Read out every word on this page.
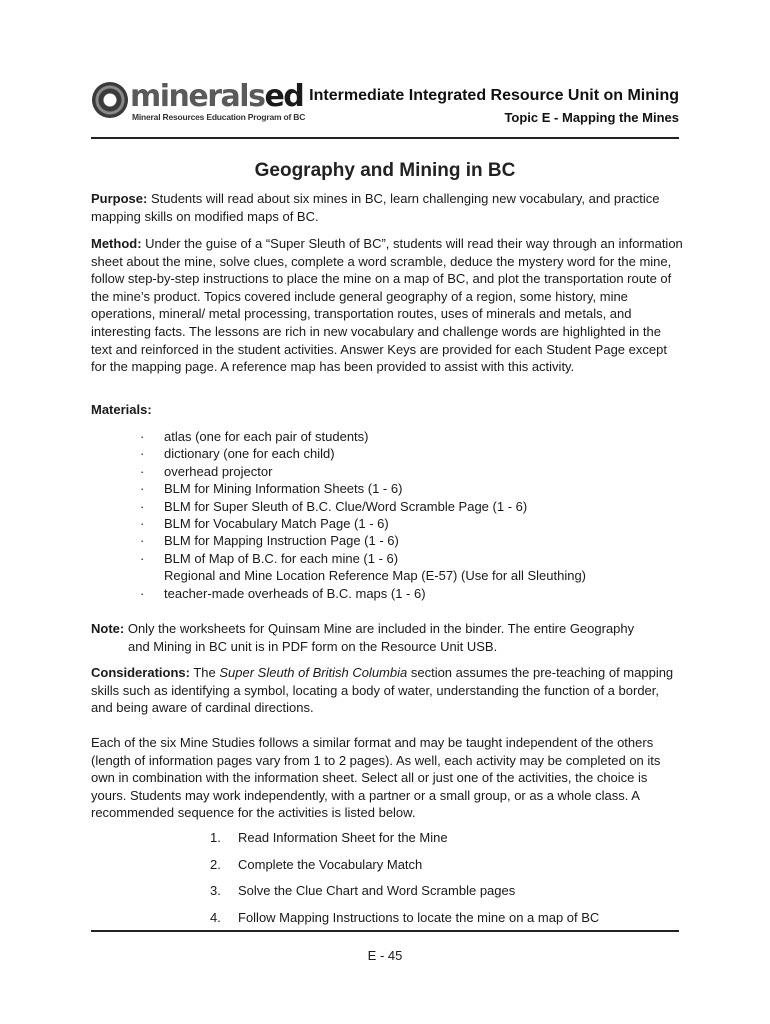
mineralsed
Mineral Resources Education Program of BC
Intermediate Integrated Resource Unit on Mining
Topic E - Mapping the Mines
Geography and Mining in BC
Purpose: Students will read about six mines in BC, learn challenging new vocabulary, and practice mapping skills on modified maps of BC.
Method: Under the guise of a “Super Sleuth of BC”, students will read their way through an information sheet about the mine, solve clues, complete a word scramble, deduce the mystery word for the mine, follow step-by-step instructions to place the mine on a map of BC, and plot the transportation route of the mine’s product. Topics covered include general geography of a region, some history, mine operations, mineral/ metal processing, transportation routes, uses of minerals and metals, and interesting facts. The lessons are rich in new vocabulary and challenge words are highlighted in the text and reinforced in the student activities. Answer Keys are provided for each Student Page except for the mapping page. A reference map has been provided to assist with this activity.
Materials:
· atlas (one for each pair of students)
· dictionary (one for each child)
· overhead projector
· BLM for Mining Information Sheets (1 - 6)
· BLM for Super Sleuth of B.C. Clue/Word Scramble Page (1 - 6)
· BLM for Vocabulary Match Page (1 - 6)
· BLM for Mapping Instruction Page (1 - 6)
· BLM of Map of B.C. for each mine (1 - 6)
Regional and Mine Location Reference Map (E-57) (Use for all Sleuthing)
· teacher-made overheads of B.C. maps (1 - 6)
Note: Only the worksheets for Quinsam Mine are included in the binder. The entire Geography
and Mining in BC unit is in PDF form on the Resource Unit USB.
Considerations: The Super Sleuth of British Columbia section assumes the pre-teaching of mapping skills such as identifying a symbol, locating a body of water, understanding the function of a border, and being aware of cardinal directions.
Each of the six Mine Studies follows a similar format and may be taught independent of the others (length of information pages vary from 1 to 2 pages). As well, each activity may be completed on its own in combination with the information sheet. Select all or just one of the activities, the choice is yours. Students may work independently, with a partner or a small group, or as a whole class. A recommended sequence for the activities is listed below.
1. Read Information Sheet for the Mine
2. Complete the Vocabulary Match
3. Solve the Clue Chart and Word Scramble pages
4. Follow Mapping Instructions to locate the mine on a map of BC
E - 45
